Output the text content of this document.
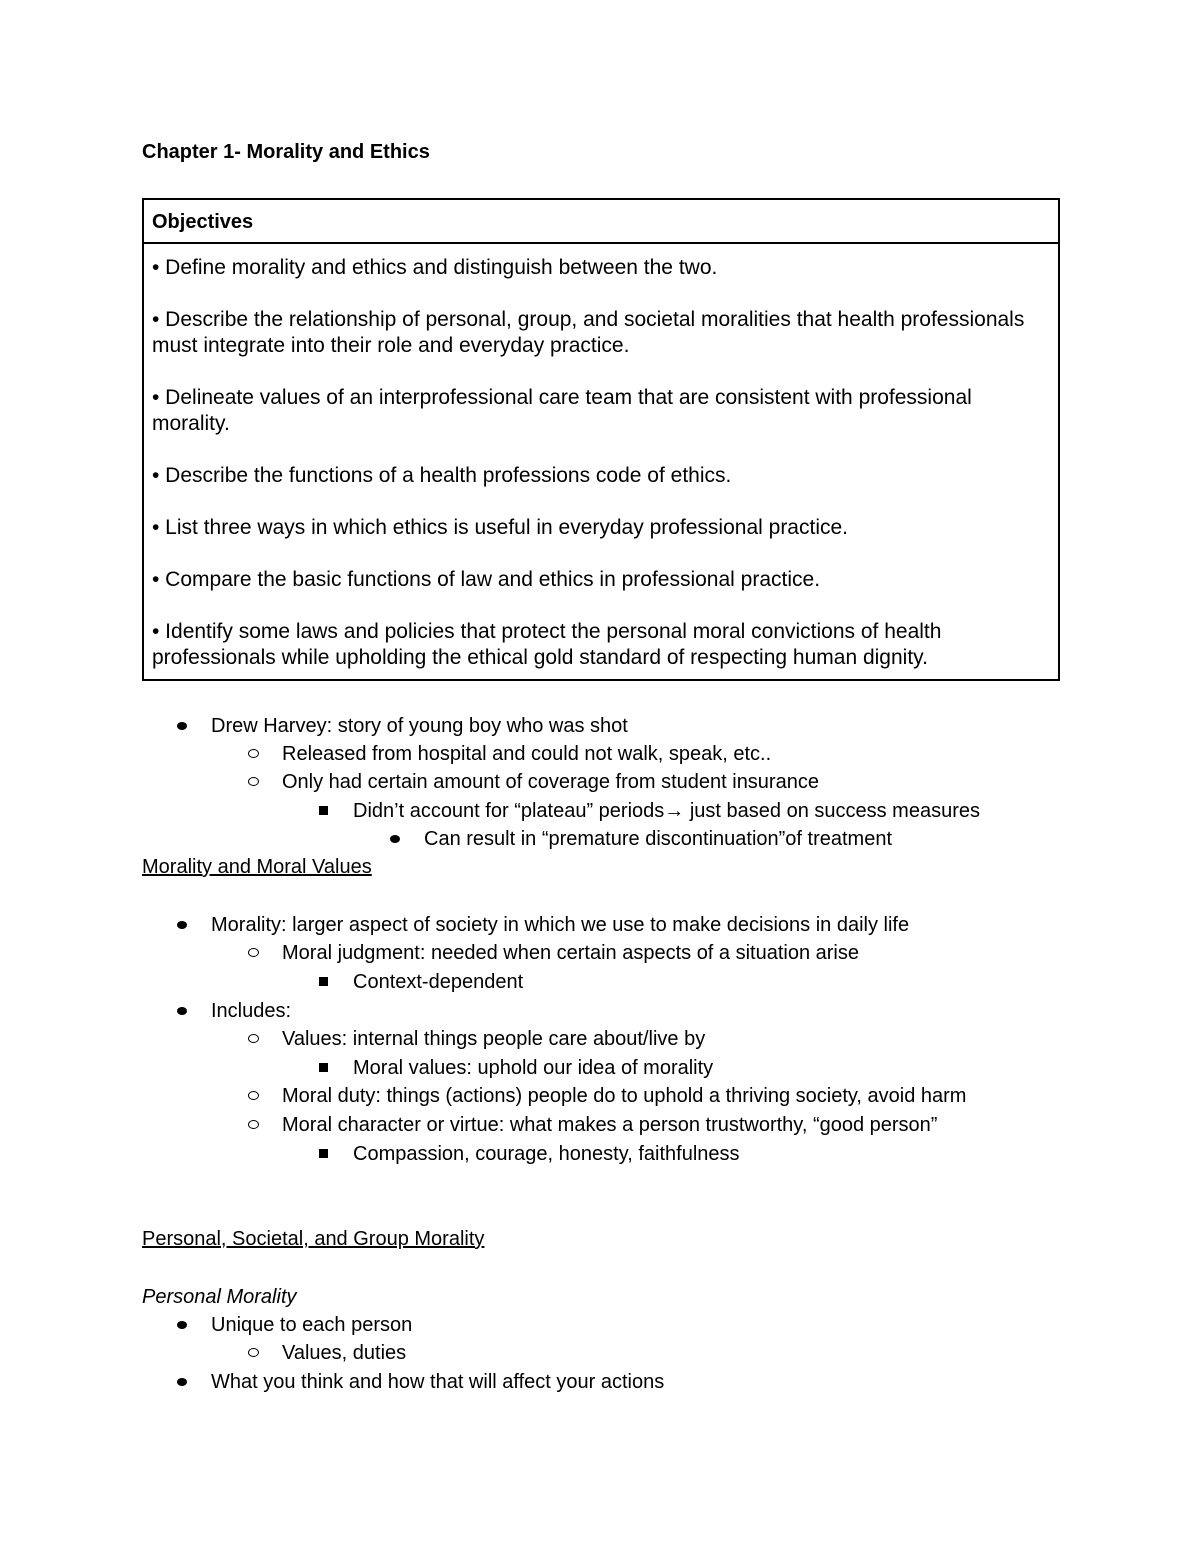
Chapter 1- Morality and Ethics
Objectives

• Define morality and ethics and distinguish between the two.

• Describe the relationship of personal, group, and societal moralities that health professionals must integrate into their role and everyday practice.

• Delineate values of an interprofessional care team that are consistent with professional morality.

• Describe the functions of a health professions code of ethics.

• List three ways in which ethics is useful in everyday professional practice.

• Compare the basic functions of law and ethics in professional practice.

• Identify some laws and policies that protect the personal moral convictions of health professionals while upholding the ethical gold standard of respecting human dignity.

Drew Harvey: story of young boy who was shot
Released from hospital and could not walk, speak, etc..
Only had certain amount of coverage from student insurance
Didn’t account for “plateau” periods→ just based on success measures
Can result in “premature discontinuation”of treatment
Morality and Moral Values
Morality: larger aspect of society in which we use to make decisions in daily life
Moral judgment: needed when certain aspects of a situation arise
Context-dependent
Includes:
Values: internal things people care about/live by
Moral values: uphold our idea of morality
Moral duty: things (actions) people do to uphold a thriving society, avoid harm
Moral character or virtue: what makes a person trustworthy, “good person”
Compassion, courage, honesty, faithfulness
Personal, Societal, and Group Morality
Personal Morality
Unique to each person
Values, duties
What you think and how that will affect your actions
